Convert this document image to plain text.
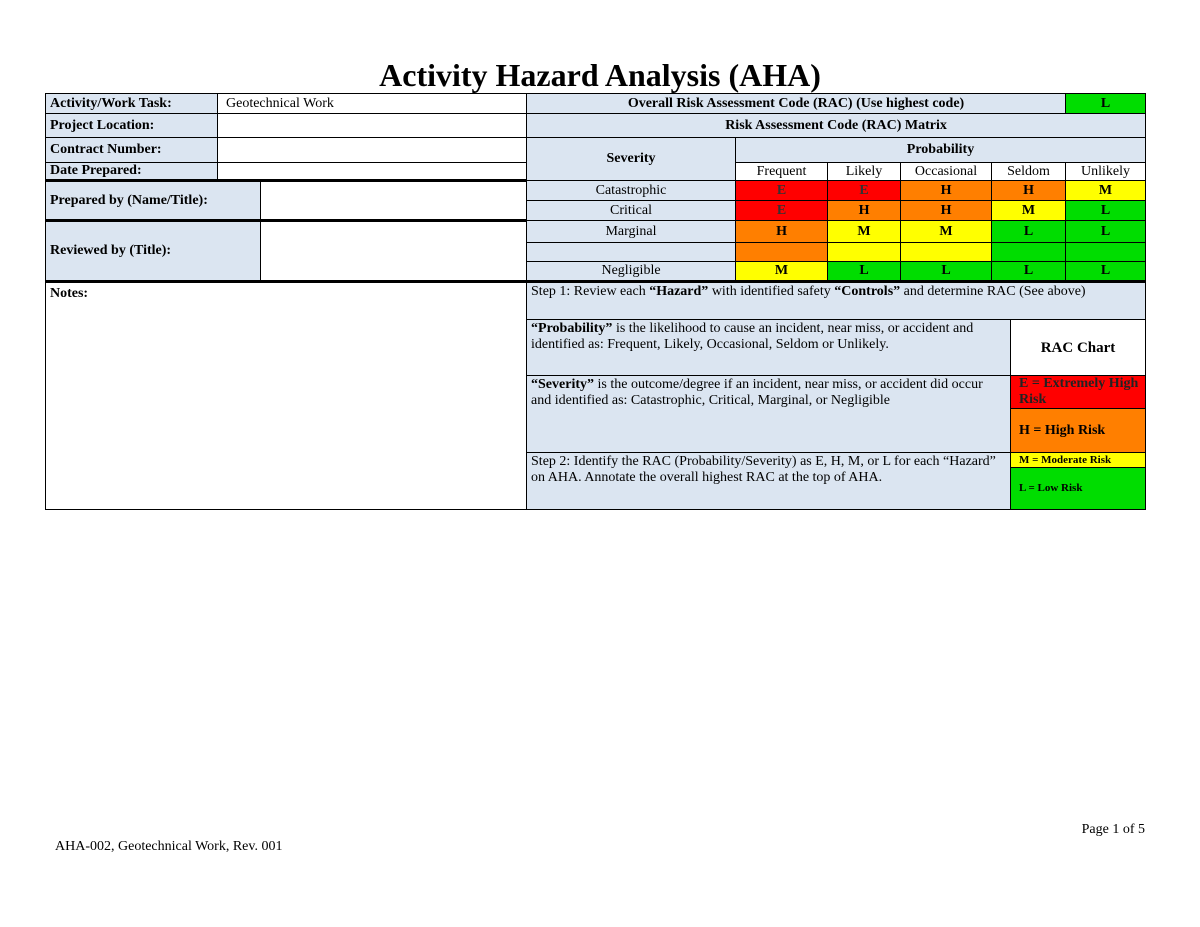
Activity Hazard Analysis (AHA)
Activity/Work Task:	Geotechnical Work		Overall Risk Assessment Code (RAC) (Use highest code)						L
Project Location:			Risk Assessment Code (RAC) Matrix						
Contract Number:			Severity	Probability					
Date Prepared:				Frequent	Likely	Occasional	Seldom		Unlikely
Prepared by (Name/Title):			Catastrophic	E	E	H	H		M
			Critical	E	H	H	M		L
Reviewed by (Title):			Marginal	H	M	M	L		L

			Negligible	M	L	L	L		L
Notes:			Step 1: Review each “Hazard” with identified safety “Controls” and determine RAC (See above)						
			“Probability” is the likelihood to cause an incident, near miss, or accident and identified as: Frequent, Likely, Occasional, Seldom or Unlikely.					RAC Chart	
			“Severity” is the outcome/degree if an incident, near miss, or accident did occur and identified as: Catastrophic, Critical, Marginal, or Negligible					E = Extremely High Risk	
								H = High Risk	
			Step 2: Identify the RAC (Probability/Severity) as E, H, M, or L for each “Hazard” on AHA. Annotate the overall highest RAC at the top of AHA.					M = Moderate Risk
L = Low Risk	
Page 1 of 5
AHA-002, Geotechnical Work, Rev. 001
